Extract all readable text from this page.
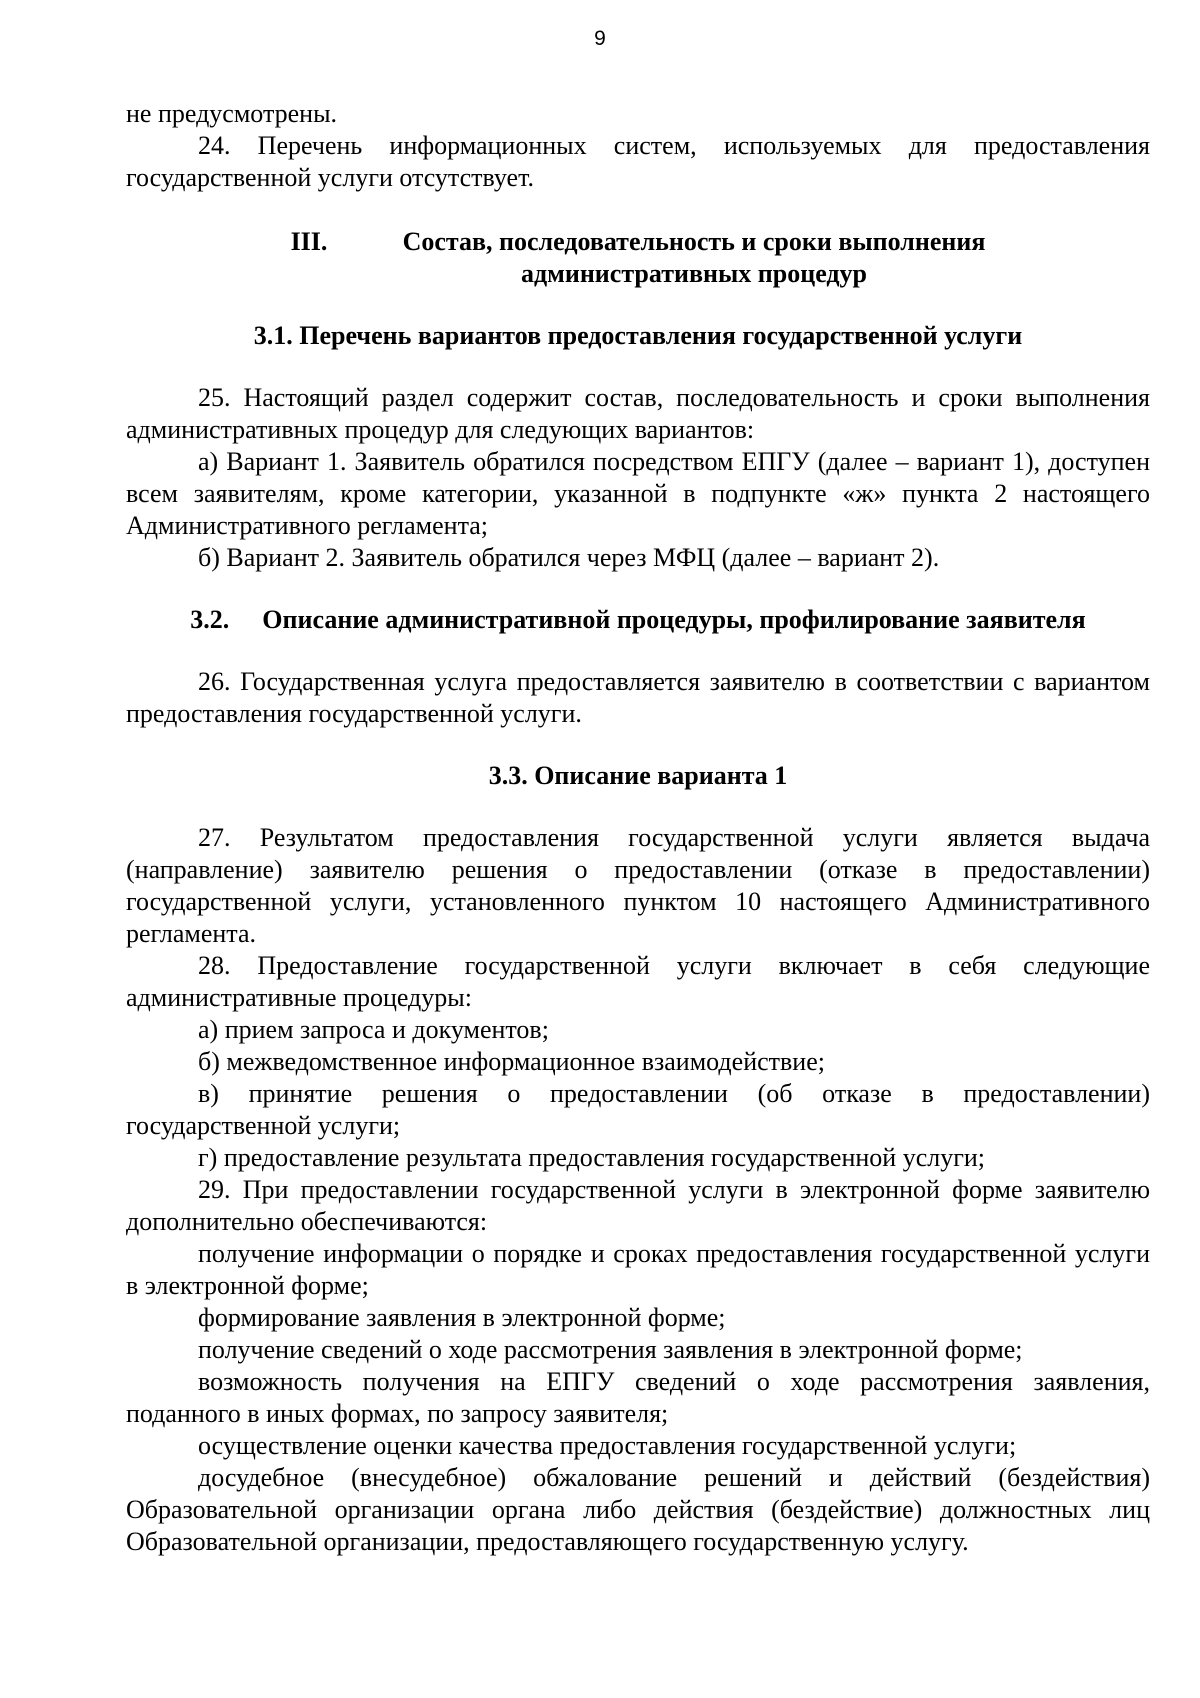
9

не предусмотрены.

24. Перечень информационных систем, используемых для предоставления государственной услуги отсутствует.

III.	Состав, последовательность и сроки выполнения
административных процедур

3.1. Перечень вариантов предоставления государственной услуги

25. Настоящий раздел содержит состав, последовательность и сроки выполнения административных процедур для следующих вариантов:

а) Вариант 1. Заявитель обратился посредством ЕПГУ (далее – вариант 1), доступен всем заявителям, кроме категории, указанной в подпункте «ж» пункта 2 настоящего Административного регламента;

б) Вариант 2. Заявитель обратился через МФЦ (далее – вариант 2).

3.2.	Описание административной процедуры, профилирование заявителя

26. Государственная услуга предоставляется заявителю в соответствии с вариантом предоставления государственной услуги.

3.3. Описание варианта 1

27. Результатом предоставления государственной услуги является выдача (направление) заявителю решения о предоставлении (отказе в предоставлении) государственной услуги, установленного пунктом 10 настоящего Административного регламента.

28. Предоставление государственной услуги включает в себя следующие административные процедуры:

а) прием запроса и документов;

б) межведомственное информационное взаимодействие;

в) принятие решения о предоставлении (об отказе в предоставлении) государственной услуги;

г) предоставление результата предоставления государственной услуги;

29. При предоставлении государственной услуги в электронной форме заявителю дополнительно обеспечиваются:

получение информации о порядке и сроках предоставления государственной услуги в электронной форме;

формирование заявления в электронной форме;

получение сведений о ходе рассмотрения заявления в электронной форме;

возможность получения на ЕПГУ сведений о ходе рассмотрения заявления, поданного в иных формах, по запросу заявителя;

осуществление оценки качества предоставления государственной услуги;

досудебное (внесудебное) обжалование решений и действий (бездействия) Образовательной организации органа либо действия (бездействие) должностных лиц Образовательной организации, предоставляющего государственную услугу.
